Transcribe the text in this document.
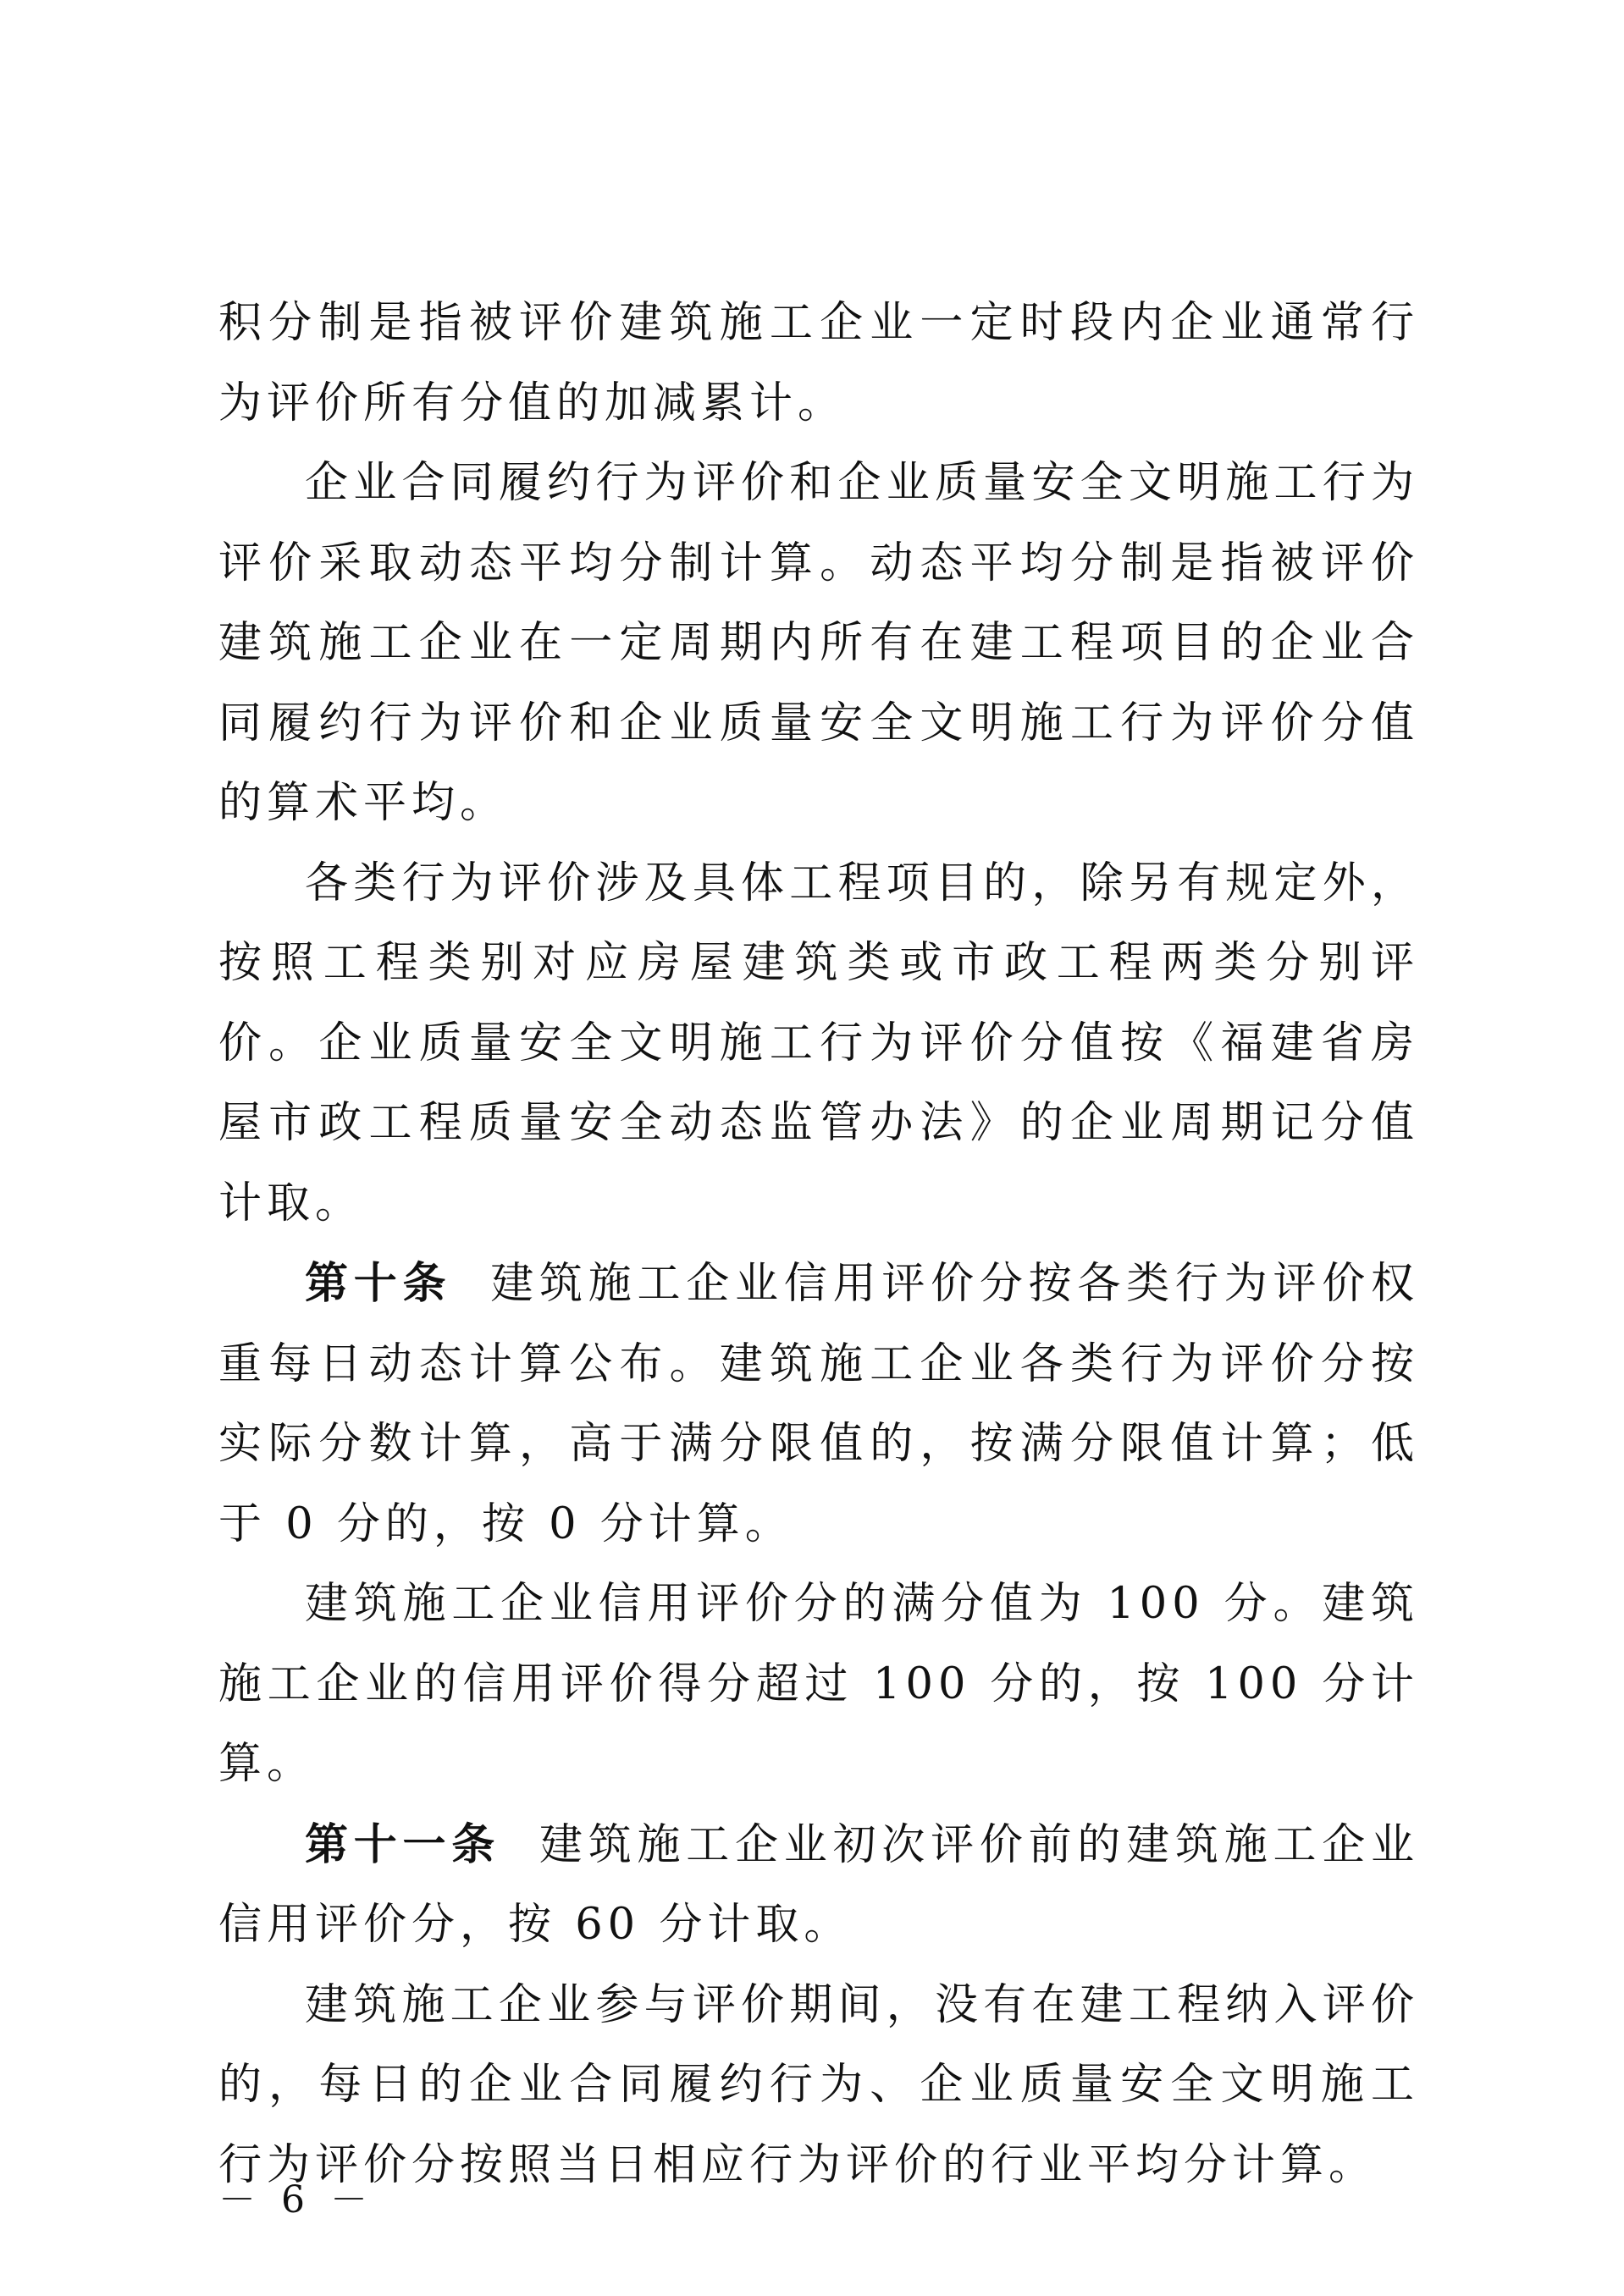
积分制是指被评价建筑施工企业一定时段内企业通常行为评价所有分值的加减累计。

企业合同履约行为评价和企业质量安全文明施工行为评价采取动态平均分制计算。动态平均分制是指被评价建筑施工企业在一定周期内所有在建工程项目的企业合同履约行为评价和企业质量安全文明施工行为评价分值的算术平均。

各类行为评价涉及具体工程项目的，除另有规定外，按照工程类别对应房屋建筑类或市政工程两类分别评价。企业质量安全文明施工行为评价分值按《福建省房屋市政工程质量安全动态监管办法》的企业周期记分值计取。

第十条 建筑施工企业信用评价分按各类行为评价权重每日动态计算公布。建筑施工企业各类行为评价分按实际分数计算，高于满分限值的，按满分限值计算；低于 0 分的，按 0 分计算。

建筑施工企业信用评价分的满分值为 100 分。建筑施工企业的信用评价得分超过 100 分的，按 100 分计算。

第十一条 建筑施工企业初次评价前的建筑施工企业信用评价分，按 60 分计取。

建筑施工企业参与评价期间，没有在建工程纳入评价的，每日的企业合同履约行为、企业质量安全文明施工行为评价分按照当日相应行为评价的行业平均分计算。

－ 6 －
